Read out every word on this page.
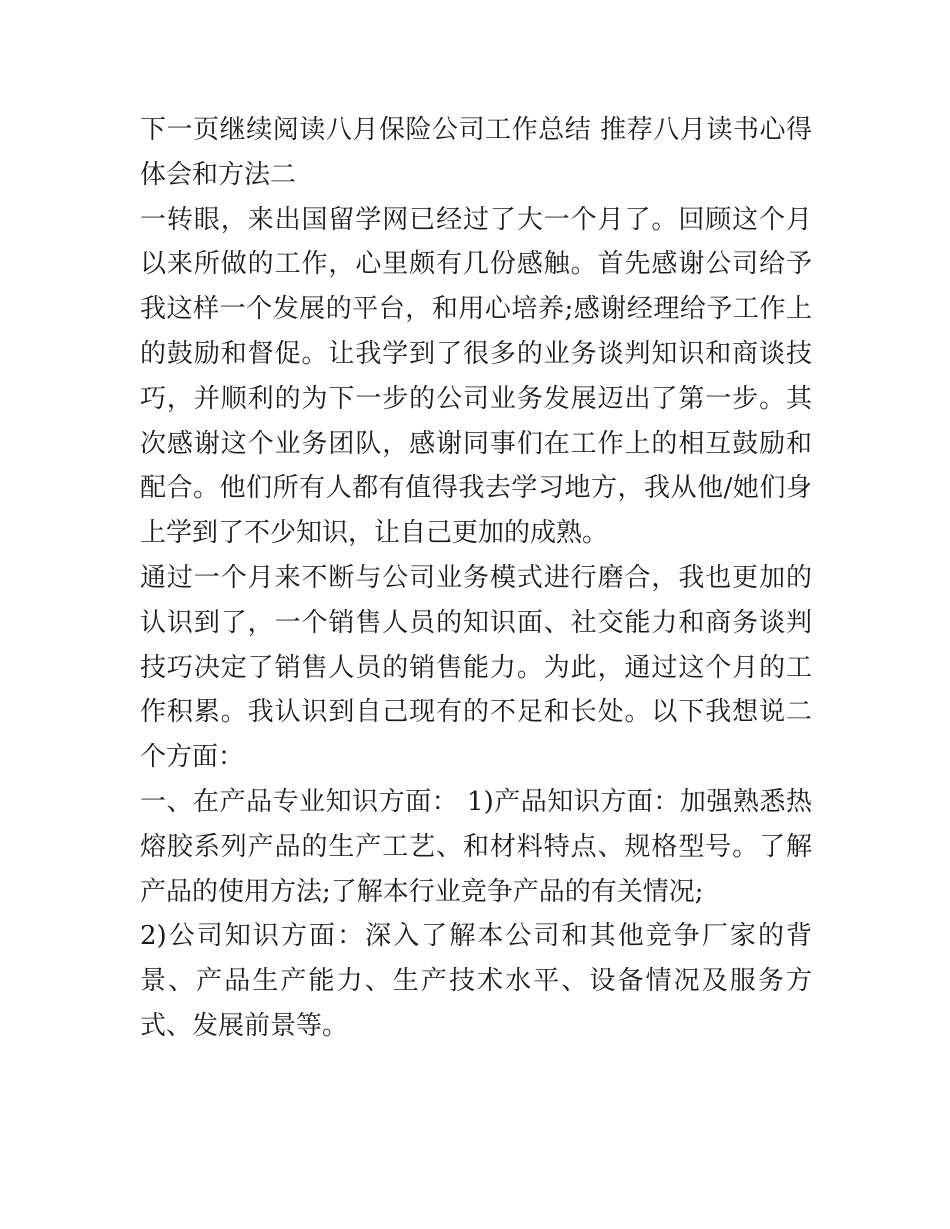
下一页继续阅读八月保险公司工作总结 推荐八月读书心得体会和方法二

一转眼，来出国留学网已经过了大一个月了。回顾这个月以来所做的工作，心里颇有几份感触。首先感谢公司给予我这样一个发展的平台，和用心培养;感谢经理给予工作上的鼓励和督促。让我学到了很多的业务谈判知识和商谈技巧，并顺利的为下一步的公司业务发展迈出了第一步。其次感谢这个业务团队，感谢同事们在工作上的相互鼓励和配合。他们所有人都有值得我去学习地方，我从他/她们身上学到了不少知识，让自己更加的成熟。

通过一个月来不断与公司业务模式进行磨合，我也更加的认识到了，一个销售人员的知识面、社交能力和商务谈判技巧决定了销售人员的销售能力。为此，通过这个月的工作积累。我认识到自己现有的不足和长处。以下我想说二个方面：

一、在产品专业知识方面： 1)产品知识方面：加强熟悉热熔胶系列产品的生产工艺、和材料特点、规格型号。了解产品的使用方法;了解本行业竞争产品的有关情况;

2)公司知识方面：深入了解本公司和其他竞争厂家的背景、产品生产能力、生产技术水平、设备情况及服务方式、发展前景等。
